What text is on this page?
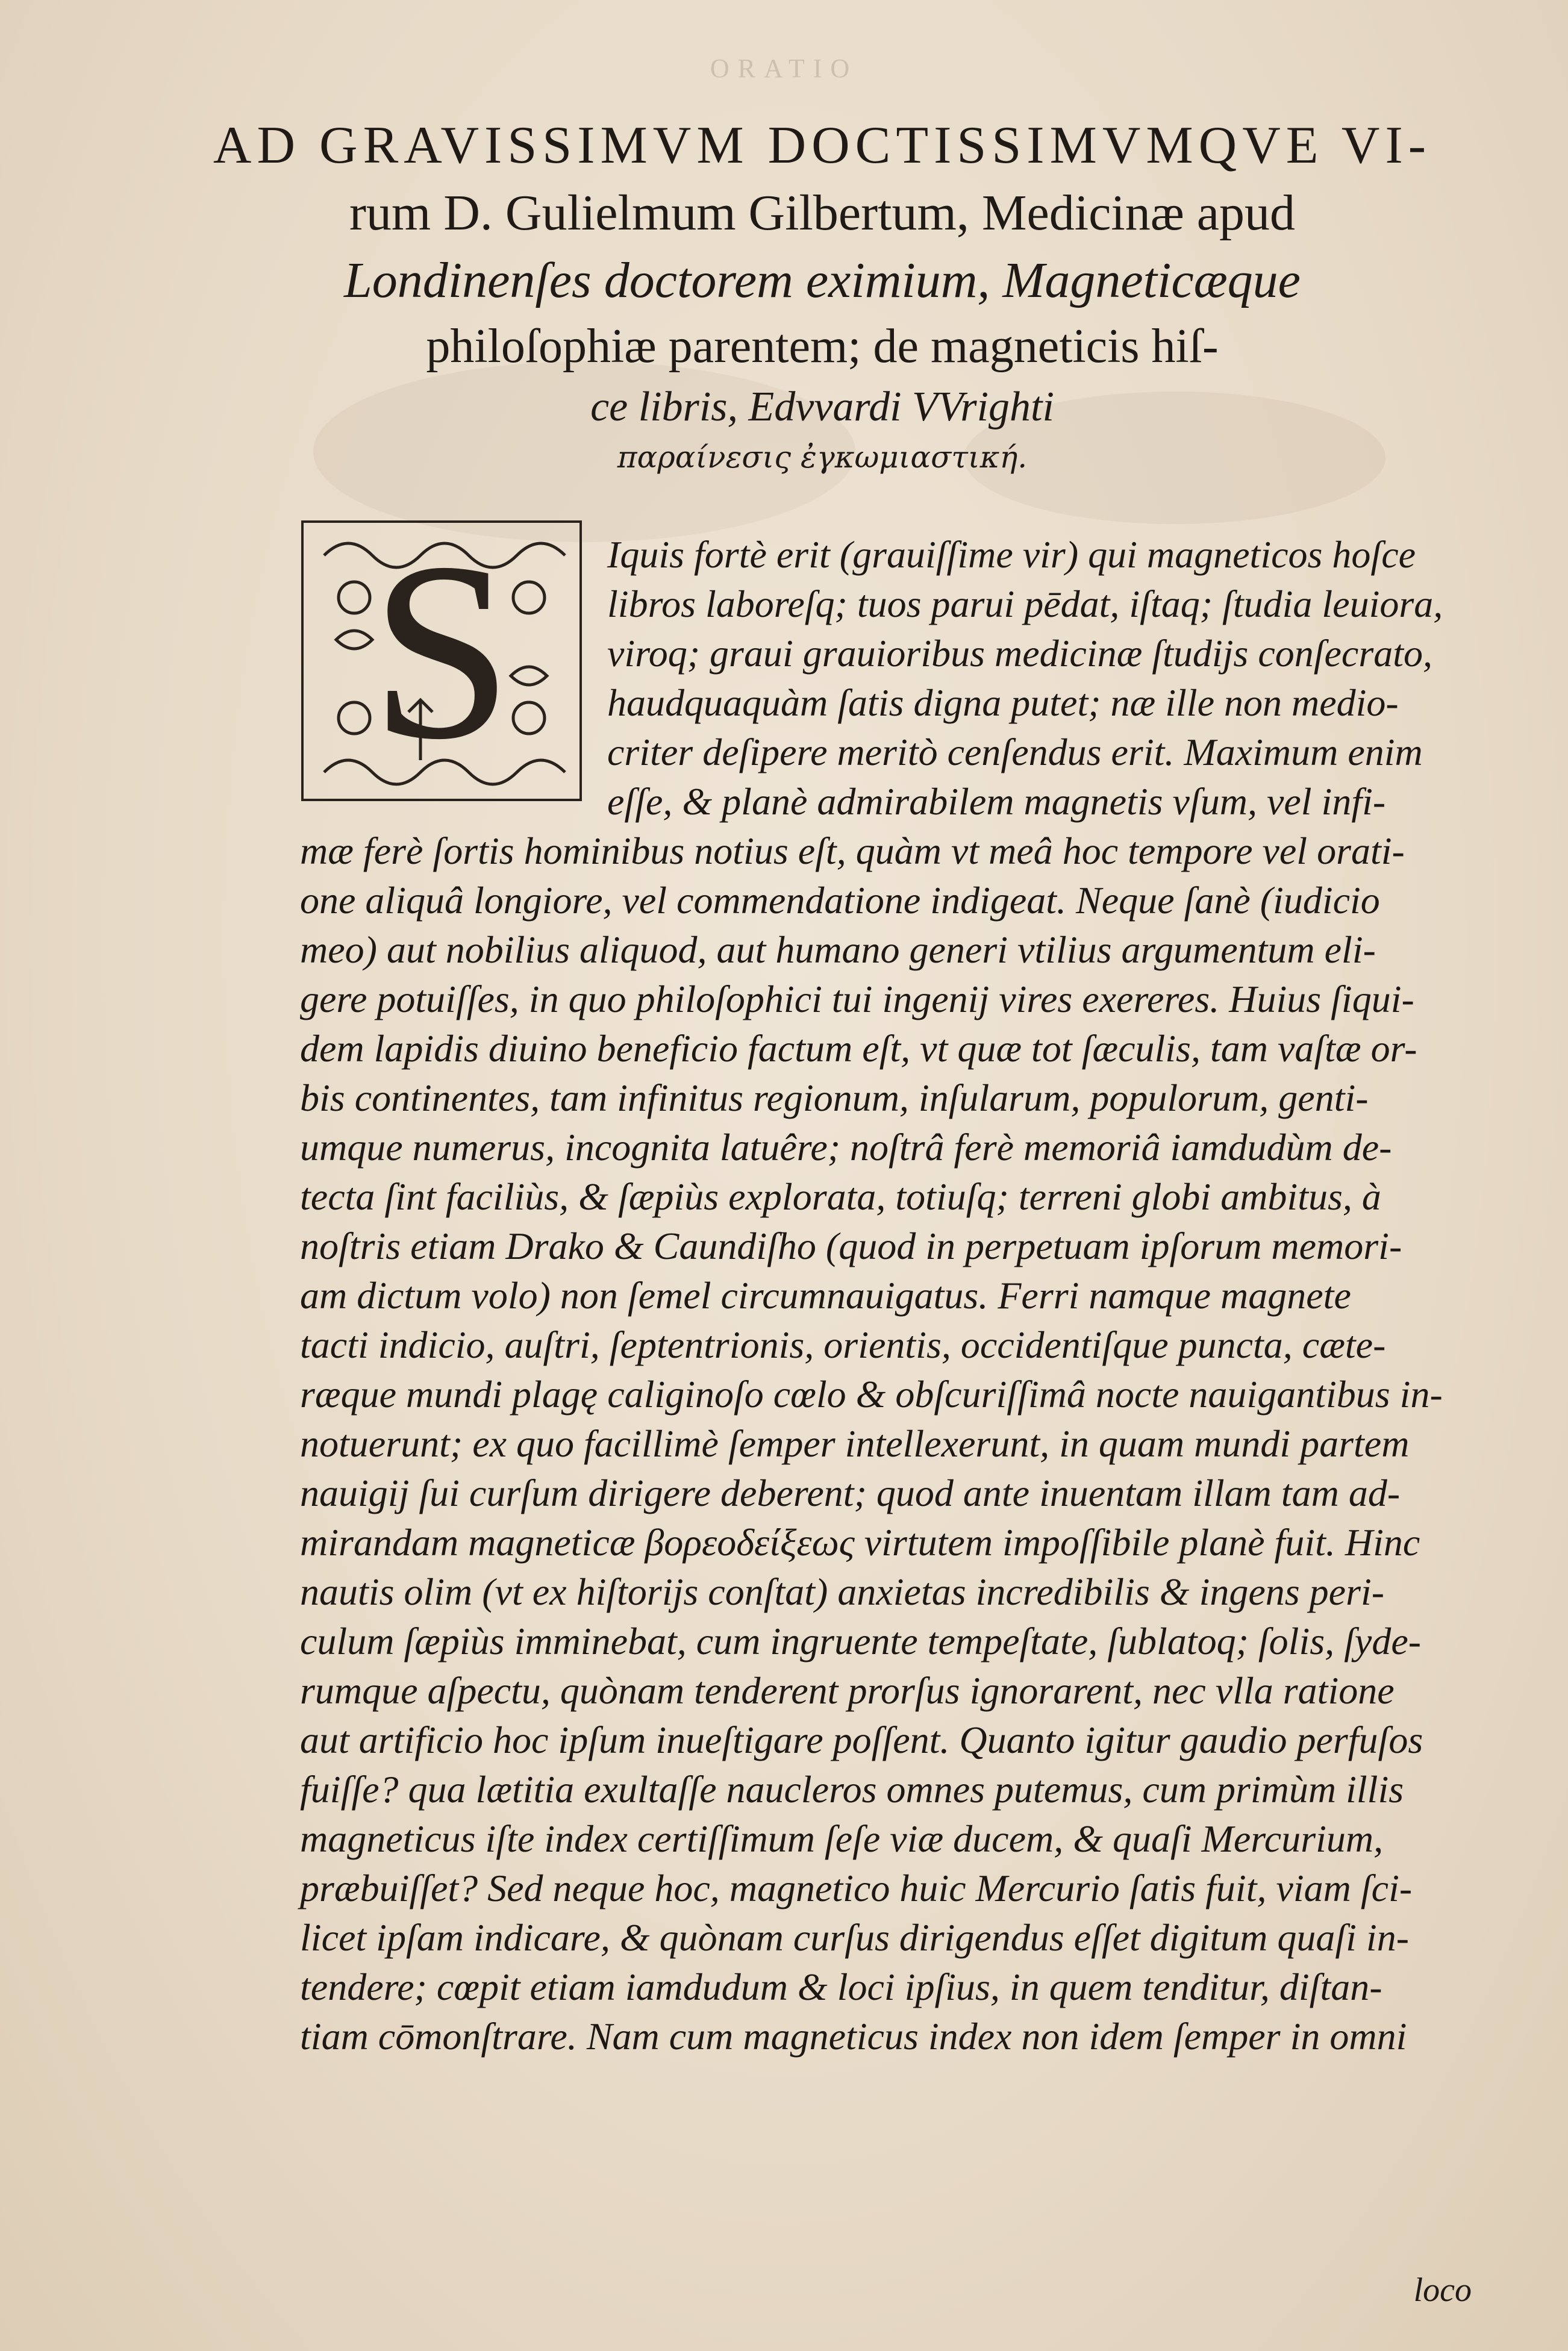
ORATIO
AD GRAVISSIMVM DOCTISSIMVMQVE VI-
rum D. Gulielmum Gilbertum, Medicinæ apud
Londinenſes doctorem eximium, Magneticæque
philoſophiæ parentem; de magneticis hiſ-
ce libris, Edvvardi VVrighti
παραίνεσις ἐγκωμιαστική.
S Iquis fortè erit (grauiſſime vir) qui magneticos hoſce
libros laboreſq; tuos parui pēdat, iſtaq; ſtudia leuiora,
viroq; graui grauioribus medicinæ ſtudijs conſecrato,
haudquaquàm ſatis digna putet; næ ille non medio-
criter deſipere meritò cenſendus erit. Maximum enim
eſſe, & planè admirabilem magnetis vſum, vel infi-
mæ ferè ſortis hominibus notius eſt, quàm vt meâ hoc tempore vel orati-
one aliquâ longiore, vel commendatione indigeat. Neque ſanè (iudicio
meo) aut nobilius aliquod, aut humano generi vtilius argumentum eli-
gere potuiſſes, in quo philoſophici tui ingenij vires exereres. Huius ſiqui-
dem lapidis diuino beneficio factum eſt, vt quæ tot ſæculis, tam vaſtæ or-
bis continentes, tam infinitus regionum, inſularum, populorum, genti-
umque numerus, incognita latuêre; noſtrâ ferè memoriâ iamdudùm de-
tecta ſint faciliùs, & ſæpiùs explorata, totiuſq; terreni globi ambitus, à
noſtris etiam Drako & Caundiſho (quod in perpetuam ipſorum memori-
am dictum volo) non ſemel circumnauigatus. Ferri namque magnete
tacti indicio, auſtri, ſeptentrionis, orientis, occidentiſque puncta, cæte-
ræque mundi plagę caliginoſo cœlo & obſcuriſſimâ nocte nauigantibus in-
notuerunt; ex quo facillimè ſemper intellexerunt, in quam mundi partem
nauigij ſui curſum dirigere deberent; quod ante inuentam illam tam ad-
mirandam magneticæ βορεοδείξεως virtutem impoſſibile planè fuit. Hinc
nautis olim (vt ex hiſtorijs conſtat) anxietas incredibilis & ingens peri-
culum ſæpiùs imminebat, cum ingruente tempeſtate, ſublatoq; ſolis, ſyde-
rumque aſpectu, quònam tenderent prorſus ignorarent, nec vlla ratione
aut artificio hoc ipſum inueſtigare poſſent. Quanto igitur gaudio perfuſos
fuiſſe? qua lætitia exultaſſe naucleros omnes putemus, cum primùm illis
magneticus iſte index certiſſimum ſeſe viæ ducem, & quaſi Mercurium,
præbuiſſet? Sed neque hoc, magnetico huic Mercurio ſatis fuit, viam ſci-
licet ipſam indicare, & quònam curſus dirigendus eſſet digitum quaſi in-
tendere; cœpit etiam iamdudum & loci ipſius, in quem tenditur, diſtan-
tiam cōmonſtrare. Nam cum magneticus index non idem ſemper in omni
loco
